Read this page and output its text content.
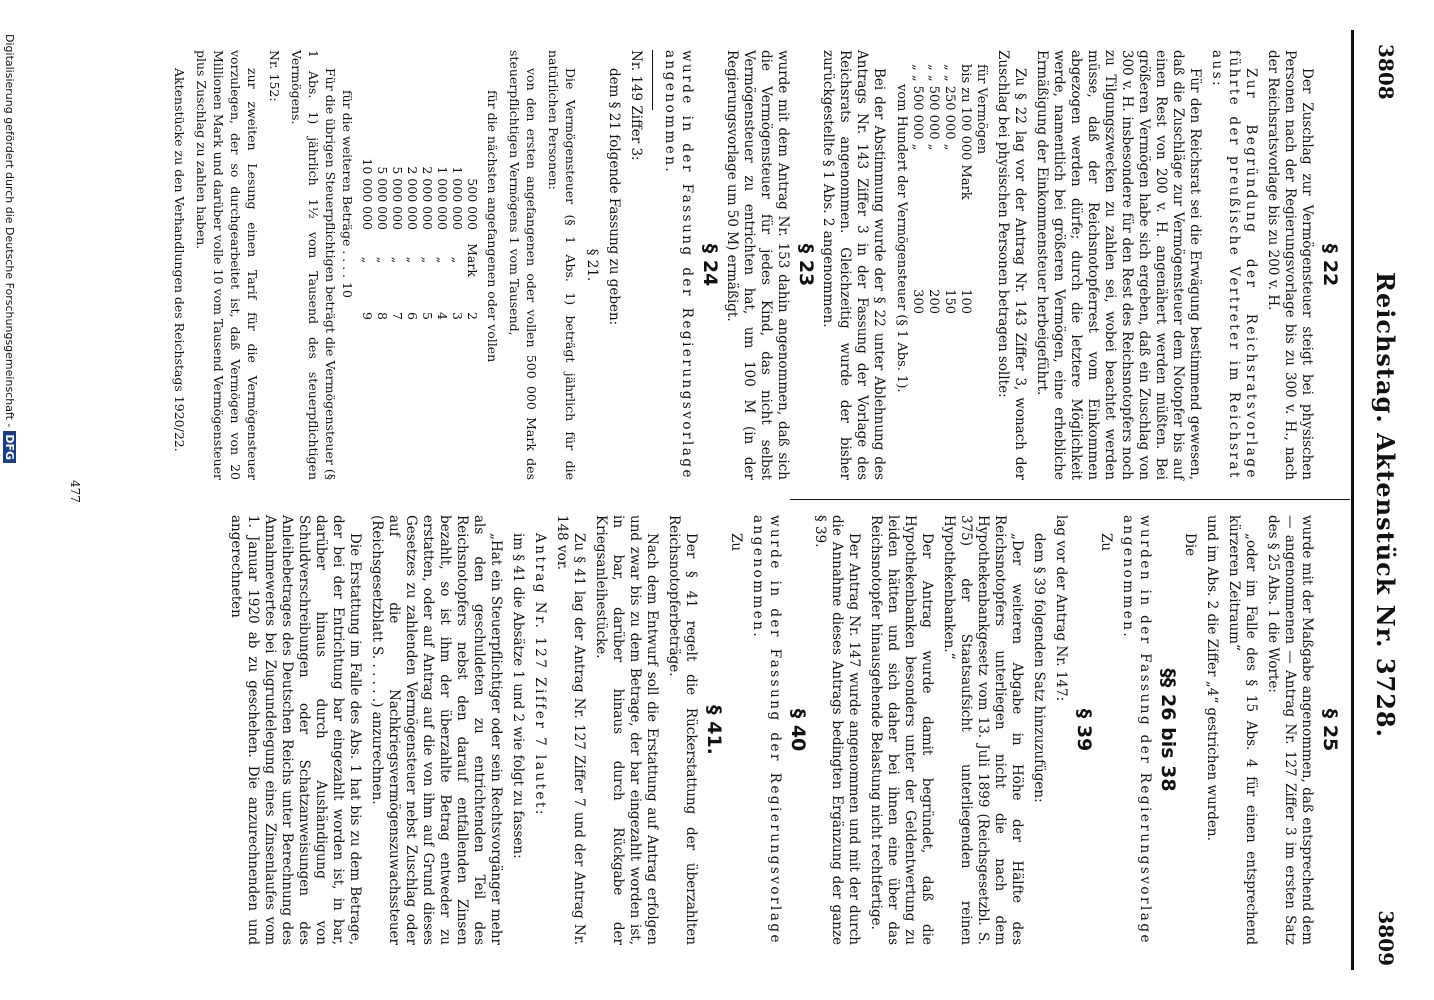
3808
Reichstag. Aktenstück Nr. 3728.
3809
§ 22

Der Zuschlag zur Vermögensteuer steigt bei physischen Personen nach der Regierungsvorlage bis zu 300 v. H., nach der Reichsratsvorlage bis zu 200 v. H.

Zur Begründung der Reichsratsvorlage führte der preußische Vertreter im Reichsrat aus:

Für den Reichsrat sei die Erwägung bestimmend gewesen, daß die Zuschläge zur Vermögensteuer dem Notopfer bis auf einen Rest von 200 v. H. angenähert werden müßten. Bei größeren Vermögen habe sich ergeben, daß ein Zuschlag von 300 v. H. insbesondere für den Rest des Reichsnotopfers noch zu Tilgungszwecken zu zahlen sei, wobei beachtet werden müsse, daß der Reichsnotopferrest vom Einkommen abgezogen werden dürfe; durch die letztere Möglichkeit werde, namentlich bei größeren Vermögen, eine erhebliche Ermäßigung der Einkommensteuer herbeigeführt.

Zu § 22 lag vor der Antrag Nr. 143 Ziffer 3, wonach der Zuschlag bei physischen Personen betragen sollte:

für Vermögen
bis zu 100 000 Mark
100
„ „ 250 000 „
150
„ „ 500 000 „
200
„ „ 500 000 „
300
vom Hundert der Vermögensteuer (§ 1 Abs. 1).

Bei der Abstimmung wurde der § 22 unter Ablehnung des Antrags Nr. 143 Ziffer 3 in der Fassung der Vorlage des Reichsrats angenommen. Gleichzeitig wurde der bisher zurückgestellte § 1 Abs. 2 angenommen.

§ 23

wurde mit dem Antrag Nr. 153 dahin angenommen, daß sich die Vermögensteuer für jedes Kind, das nicht selbst Vermögensteuer zu entrichten hat, um 100 M (in der Regierungsvorlage um 50 M) ermäßigt.

§ 24

wurde in der Fassung der Regierungsvorlage angenommen.

Nr. 149 Ziffer 3:

dem § 21 folgende Fassung zu geben:

§ 21.

Die Vermögensteuer (§ 1 Abs. 1) beträgt jährlich für die natürlichen Personen:

von den ersten angefangenen oder vollen 500 000 Mark des steuerpflichtigen Vermögens 1 vom Tausend,

für die nächsten angefangenen oder vollen
500 000
Mark
2
1 000 000
„
3
1 000 000
„
4
2 000 000
„
5
2 000 000
„
6
5 000 000
„
7
5 000 000
„
8
10 000 000
„
9
für die weiteren Beträge . . . . 10

Für die übrigen Steuerpflichtigen beträgt die Vermögensteuer (§ 1 Abs. 1) jährlich 1½ vom Tausend des steuerpflichtigen Vermögens.

Nr. 152:

zur zweiten Lesung einen Tarif für die Vermögensteuer vorzulegen, der so durchgearbeitet ist, daß Vermögen von 20 Millionen Mark und darüber volle 10 vom Tausend Vermögensteuer plus Zuschlag zu zahlen haben.

Aktenstücke zu den Verhandlungen des Reichstags 1920/22.

§ 25

wurde mit der Maßgabe angenommen, daß entsprechend dem — angenommenen — Antrag Nr. 127 Ziffer 3 im ersten Satz des § 25 Abs. 1 die Worte:

„oder im Falle des § 15 Abs. 4 für einen entsprechend kürzeren Zeitraum“

und im Abs. 2 die Ziffer „4“ gestrichen wurden.

Die

§§ 26 bis 38

wurden in der Fassung der Regierungsvorlage angenommen.

Zu

§ 39

lag vor der Antrag Nr. 147:

dem § 39 folgenden Satz hinzuzufügen:

„Der weiteren Abgabe in Höhe der Hälfte des Reichsnotopfers unterliegen nicht die nach dem Hypothekenbankgesetz vom 13. Juli 1899 (Reichsgesetzbl. S. 375) der Staatsaufsicht unterliegenden reinen Hypothekenbanken.“

Der Antrag wurde damit begründet, daß die Hypothekenbanken besonders unter der Geldentwertung zu leiden hätten und sich daher bei ihnen eine über das Reichsnotopfer hinausgehende Belastung nicht rechtfertige.

Der Antrag Nr. 147 wurde angenommen und mit der durch die Annahme dieses Antrags bedingten Ergänzung der ganze § 39.

§ 40

wurde in der Fassung der Regierungsvorlage angenommen.

Zu

§ 41.

Der § 41 regelt die Rückerstattung der überzahlten Reichsnotopferbeträge.

Nach dem Entwurf soll die Erstattung auf Antrag erfolgen und zwar bis zu dem Betrage, der bar eingezahlt worden ist, in bar, darüber hinaus durch Rückgabe der Kriegsanleihestücke.

Zu § 41 lag der Antrag Nr. 127 Ziffer 7 und der Antrag Nr. 148 vor.

Antrag Nr. 127 Ziffer 7 lautet:

im § 41 die Absätze 1 und 2 wie folgt zu fassen:

„Hat ein Steuerpflichtiger oder sein Rechtsvorgänger mehr als den geschuldeten zu entrichtenden Teil des Reichsnotopfers nebst den darauf entfallenden Zinsen bezahlt, so ist ihm der überzahlte Betrag entweder zu erstatten, oder auf Antrag auf die von ihm auf Grund dieses Gesetzes zu zahlenden Vermögensteuer nebst Zuschlag oder auf die Nachkriegsvermögenszuwachssteuer (Reichsgesetzblatt S. . . . . .) anzurechnen.

Die Erstattung im Falle des Abs. 1 hat bis zu dem Betrage, der bei der Entrichtung bar eingezahlt worden ist, in bar, darüber hinaus durch Aushändigung von Schuldverschreibungen oder Schatzanweisungen des Anleihebetrages des Deutschen Reichs unter Berechnung des Annahmewertes bei Zugrundelegung eines Zinsenlaufes vom 1. Januar 1920 ab zu geschehen. Die anzurechnenden und angerechneten

477
Digitalisierung gefördert durch die Deutsche Forschungsgemeinschaft -DFG
